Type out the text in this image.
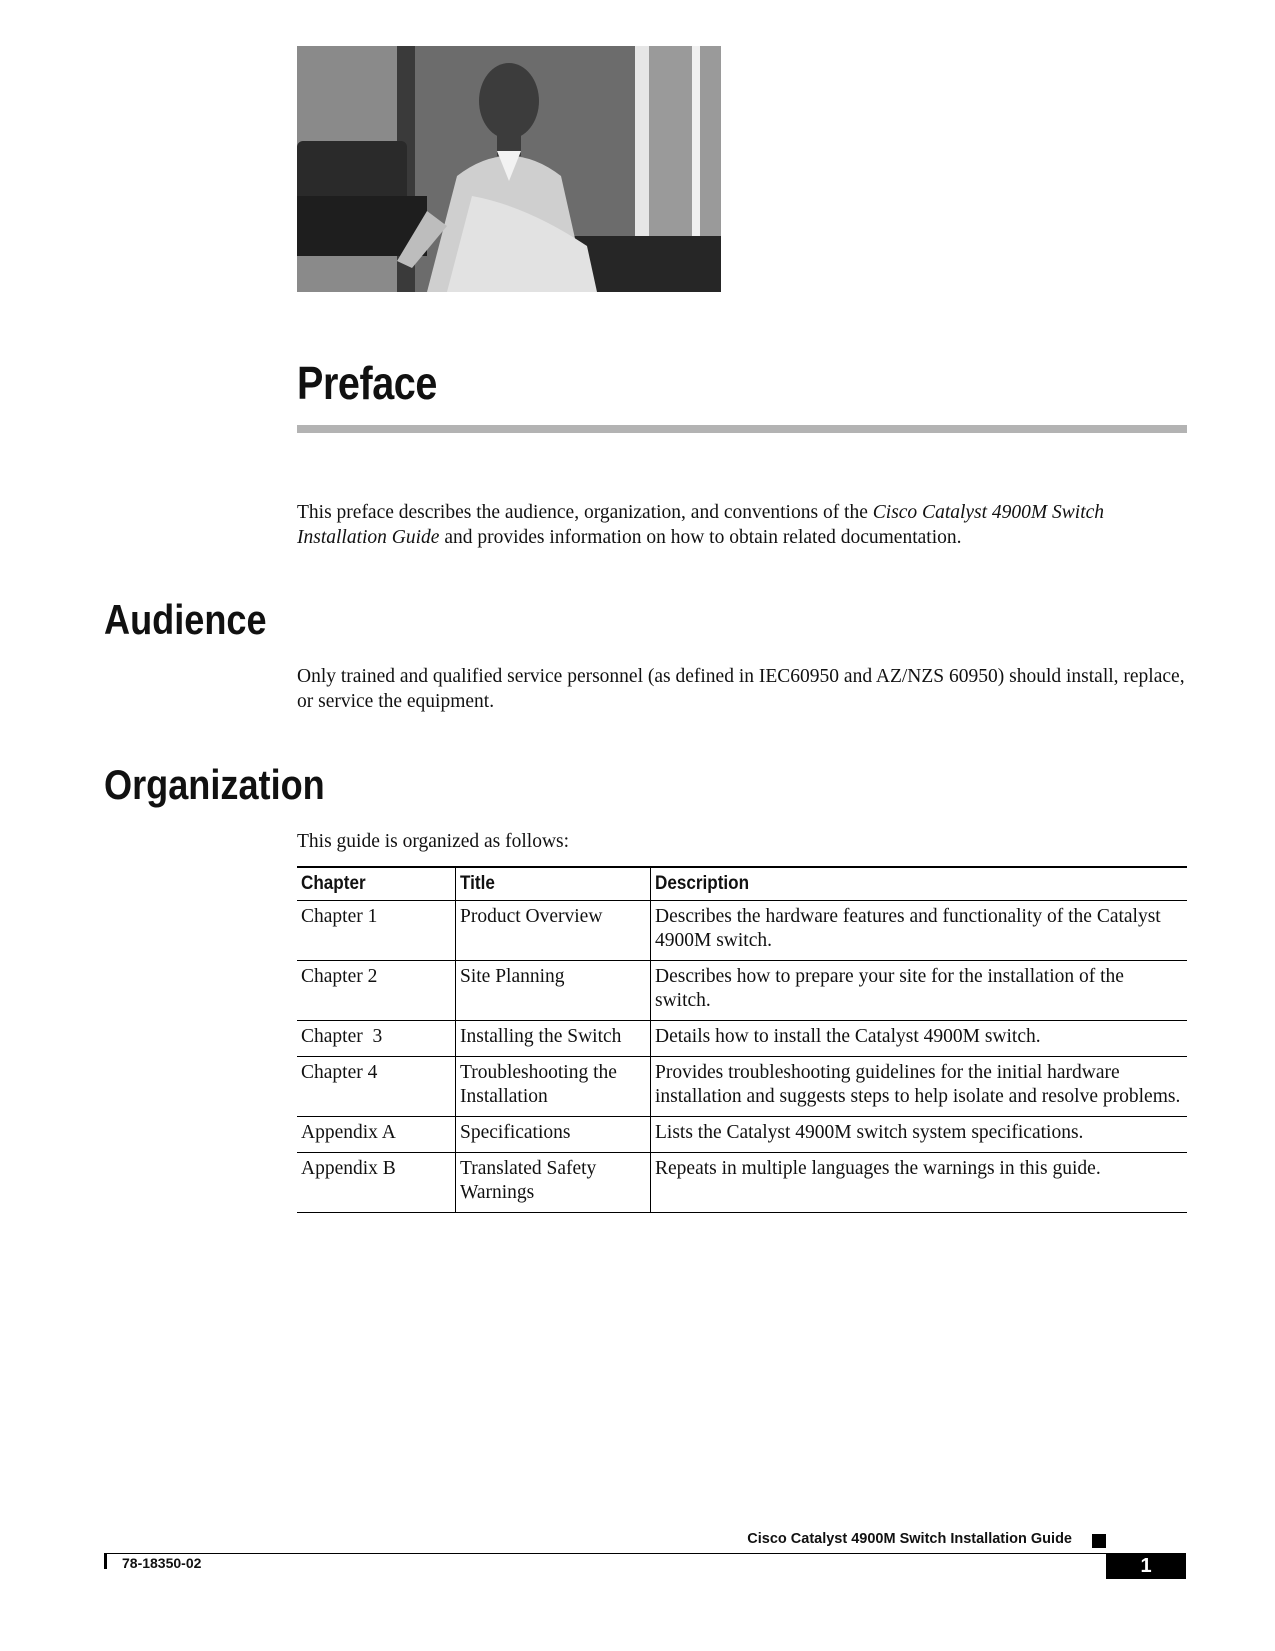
Preface

This preface describes the audience, organization, and conventions of the Cisco Catalyst 4900M Switch Installation Guide and provides information on how to obtain related documentation.

Audience

Only trained and qualified service personnel (as defined in IEC60950 and AZ/NZS 60950) should install, replace, or service the equipment.

Organization

This guide is organized as follows:

Chapter	Title	Description
Chapter 1	Product Overview	Describes the hardware features and functionality of the Catalyst 4900M switch.
Chapter 2	Site Planning	Describes how to prepare your site for the installation of the switch.
Chapter  3	Installing the Switch	Details how to install the Catalyst 4900M switch.
Chapter 4	Troubleshooting the Installation	Provides troubleshooting guidelines for the initial hardware installation and suggests steps to help isolate and resolve problems.
Appendix A	Specifications	Lists the Catalyst 4900M switch system specifications.
Appendix B	Translated Safety Warnings	Repeats in multiple languages the warnings in this guide.
Cisco Catalyst 4900M Switch Installation Guide
78-18350-02	1
